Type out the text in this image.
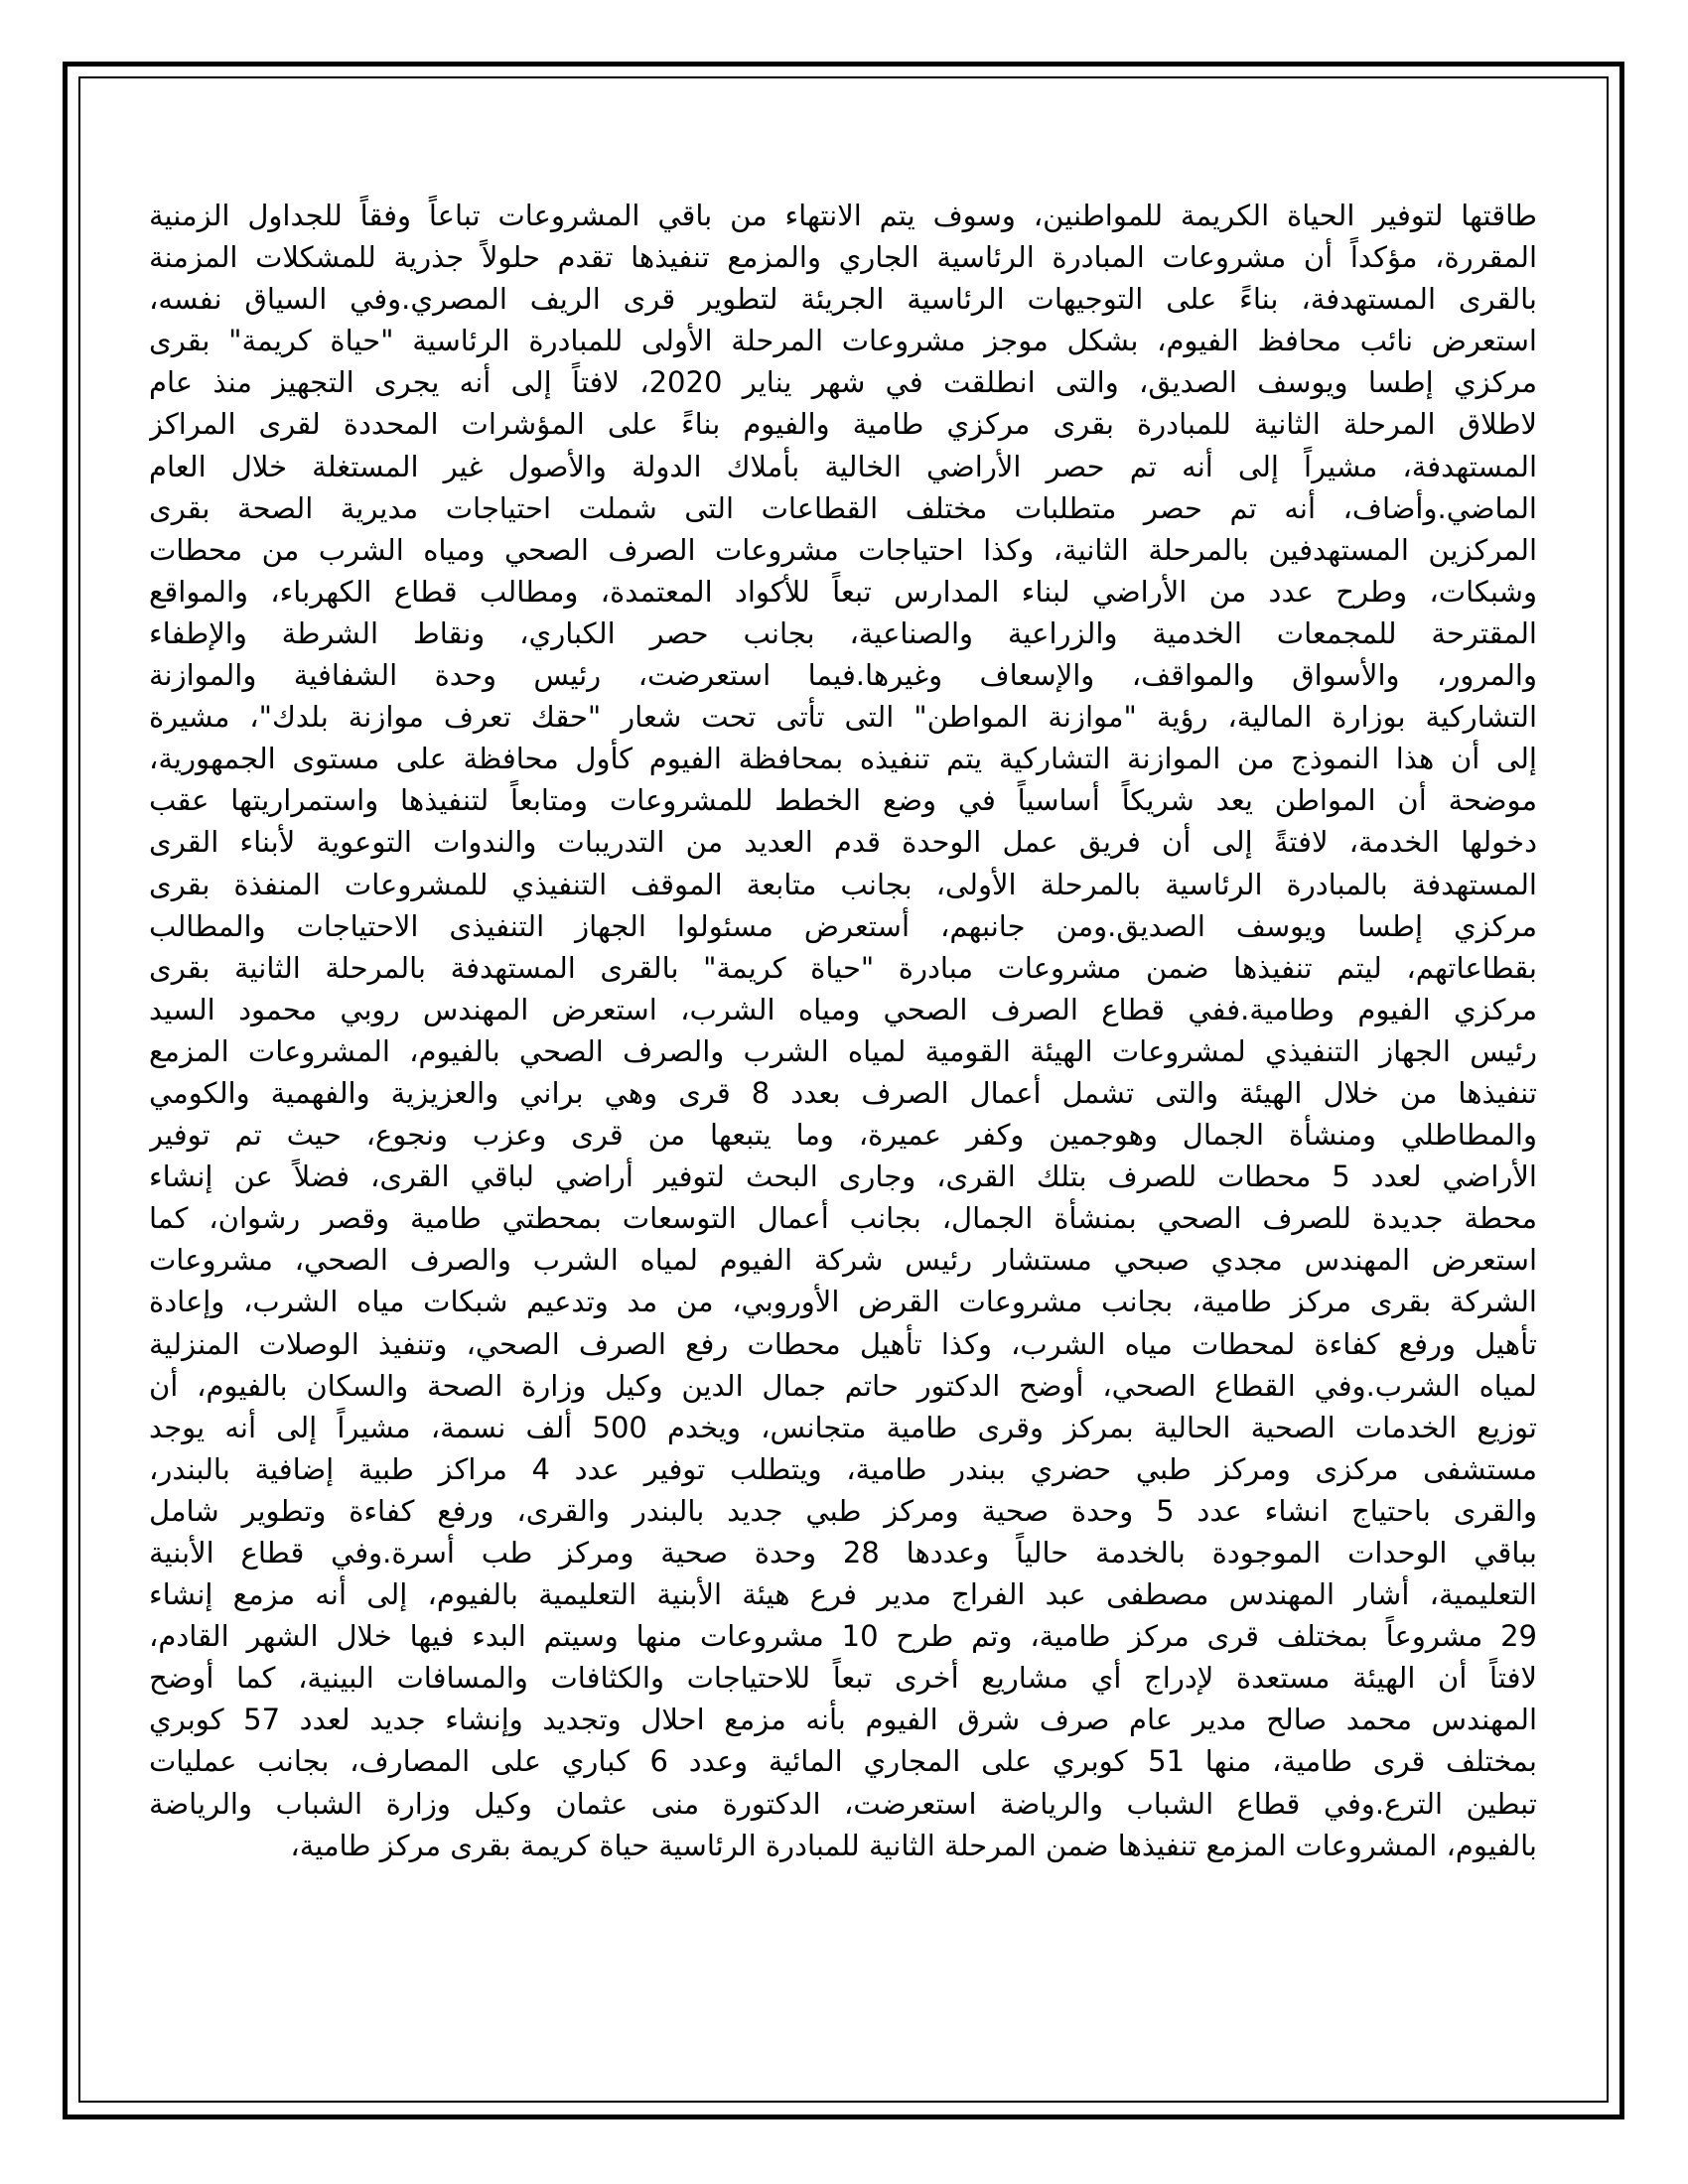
طاقتها لتوفير الحياة الكريمة للمواطنين، وسوف يتم الانتهاء من باقي المشروعات تباعاً وفقاً للجداول الزمنية
المقررة، مؤكداً أن مشروعات المبادرة الرئاسية الجاري والمزمع تنفيذها تقدم حلولاً جذرية للمشكلات المزمنة
بالقرى المستهدفة، بناءً على التوجيهات الرئاسية الجريئة لتطوير قرى الريف المصري.وفي السياق نفسه،
استعرض نائب محافظ الفيوم، بشكل موجز مشروعات المرحلة الأولى للمبادرة الرئاسية "حياة كريمة" بقرى
مركزي إطسا ويوسف الصديق، والتى انطلقت في شهر يناير 2020، لافتاً إلى أنه يجرى التجهيز منذ عام
لاطلاق المرحلة الثانية للمبادرة بقرى مركزي طامية والفيوم بناءً على المؤشرات المحددة لقرى المراكز
المستهدفة، مشيراً إلى أنه تم حصر الأراضي الخالية بأملاك الدولة والأصول غير المستغلة خلال العام
الماضي.وأضاف، أنه تم حصر متطلبات مختلف القطاعات التى شملت احتياجات مديرية الصحة بقرى
المركزين المستهدفين بالمرحلة الثانية، وكذا احتياجات مشروعات الصرف الصحي ومياه الشرب من محطات
وشبكات، وطرح عدد من الأراضي لبناء المدارس تبعاً للأكواد المعتمدة، ومطالب قطاع الكهرباء، والمواقع
المقترحة للمجمعات الخدمية والزراعية والصناعية، بجانب حصر الكباري، ونقاط الشرطة والإطفاء
والمرور، والأسواق والمواقف، والإسعاف وغيرها.فيما استعرضت، رئيس وحدة الشفافية والموازنة
التشاركية بوزارة المالية، رؤية "موازنة المواطن" التى تأتى تحت شعار "حقك تعرف موازنة بلدك"، مشيرة
إلى أن هذا النموذج من الموازنة التشاركية يتم تنفيذه بمحافظة الفيوم كأول محافظة على مستوى الجمهورية،
موضحة أن المواطن يعد شريكاً أساسياً في وضع الخطط للمشروعات ومتابعاً لتنفيذها واستمراريتها عقب
دخولها الخدمة، لافتةً إلى أن فريق عمل الوحدة قدم العديد من التدريبات والندوات التوعوية لأبناء القرى
المستهدفة بالمبادرة الرئاسية بالمرحلة الأولى، بجانب متابعة الموقف التنفيذي للمشروعات المنفذة بقرى
مركزي إطسا ويوسف الصديق.ومن جانبهم، أستعرض مسئولوا الجهاز التنفيذى الاحتياجات والمطالب
بقطاعاتهم، ليتم تنفيذها ضمن مشروعات مبادرة "حياة كريمة" بالقرى المستهدفة بالمرحلة الثانية بقرى
مركزي الفيوم وطامية.ففي قطاع الصرف الصحي ومياه الشرب، استعرض المهندس روبي محمود السيد
رئيس الجهاز التنفيذي لمشروعات الهيئة القومية لمياه الشرب والصرف الصحي بالفيوم، المشروعات المزمع
تنفيذها من خلال الهيئة والتى تشمل أعمال الصرف بعدد 8 قرى وهي براني والعزيزية والفهمية والكومي
والمطاطلي ومنشأة الجمال وهوجمين وكفر عميرة، وما يتبعها من قرى وعزب ونجوع، حيث تم توفير
الأراضي لعدد 5 محطات للصرف بتلك القرى، وجارى البحث لتوفير أراضي لباقي القرى، فضلاً عن إنشاء
محطة جديدة للصرف الصحي بمنشأة الجمال، بجانب أعمال التوسعات بمحطتي طامية وقصر رشوان، كما
استعرض المهندس مجدي صبحي مستشار رئيس شركة الفيوم لمياه الشرب والصرف الصحي، مشروعات
الشركة بقرى مركز طامية، بجانب مشروعات القرض الأوروبي، من مد وتدعيم شبكات مياه الشرب، وإعادة
تأهيل ورفع كفاءة لمحطات مياه الشرب، وكذا تأهيل محطات رفع الصرف الصحي، وتنفيذ الوصلات المنزلية
لمياه الشرب.وفي القطاع الصحي، أوضح الدكتور حاتم جمال الدين وكيل وزارة الصحة والسكان بالفيوم، أن
توزيع الخدمات الصحية الحالية بمركز وقرى طامية متجانس، ويخدم 500 ألف نسمة، مشيراً إلى أنه يوجد
مستشفى مركزى ومركز طبي حضري ببندر طامية، ويتطلب توفير عدد 4 مراكز طبية إضافية بالبندر،
والقرى باحتياج انشاء عدد 5 وحدة صحية ومركز طبي جديد بالبندر والقرى، ورفع كفاءة وتطوير شامل
بباقي الوحدات الموجودة بالخدمة حالياً وعددها 28 وحدة صحية ومركز طب أسرة.وفي قطاع الأبنية
التعليمية، أشار المهندس مصطفى عبد الفراج مدير فرع هيئة الأبنية التعليمية بالفيوم، إلى أنه مزمع إنشاء
29 مشروعاً بمختلف قرى مركز طامية، وتم طرح 10 مشروعات منها وسيتم البدء فيها خلال الشهر القادم،
لافتاً أن الهيئة مستعدة لإدراج أي مشاريع أخرى تبعاً للاحتياجات والكثافات والمسافات البينية، كما أوضح
المهندس محمد صالح مدير عام صرف شرق الفيوم بأنه مزمع احلال وتجديد وإنشاء جديد لعدد 57 كوبري
بمختلف قرى طامية، منها 51 كوبري على المجاري المائية وعدد 6 كباري على المصارف، بجانب عمليات
تبطين الترع.وفي قطاع الشباب والرياضة استعرضت، الدكتورة منى عثمان وكيل وزارة الشباب والرياضة
بالفيوم، المشروعات المزمع تنفيذها ضمن المرحلة الثانية للمبادرة الرئاسية حياة كريمة بقرى مركز طامية،
